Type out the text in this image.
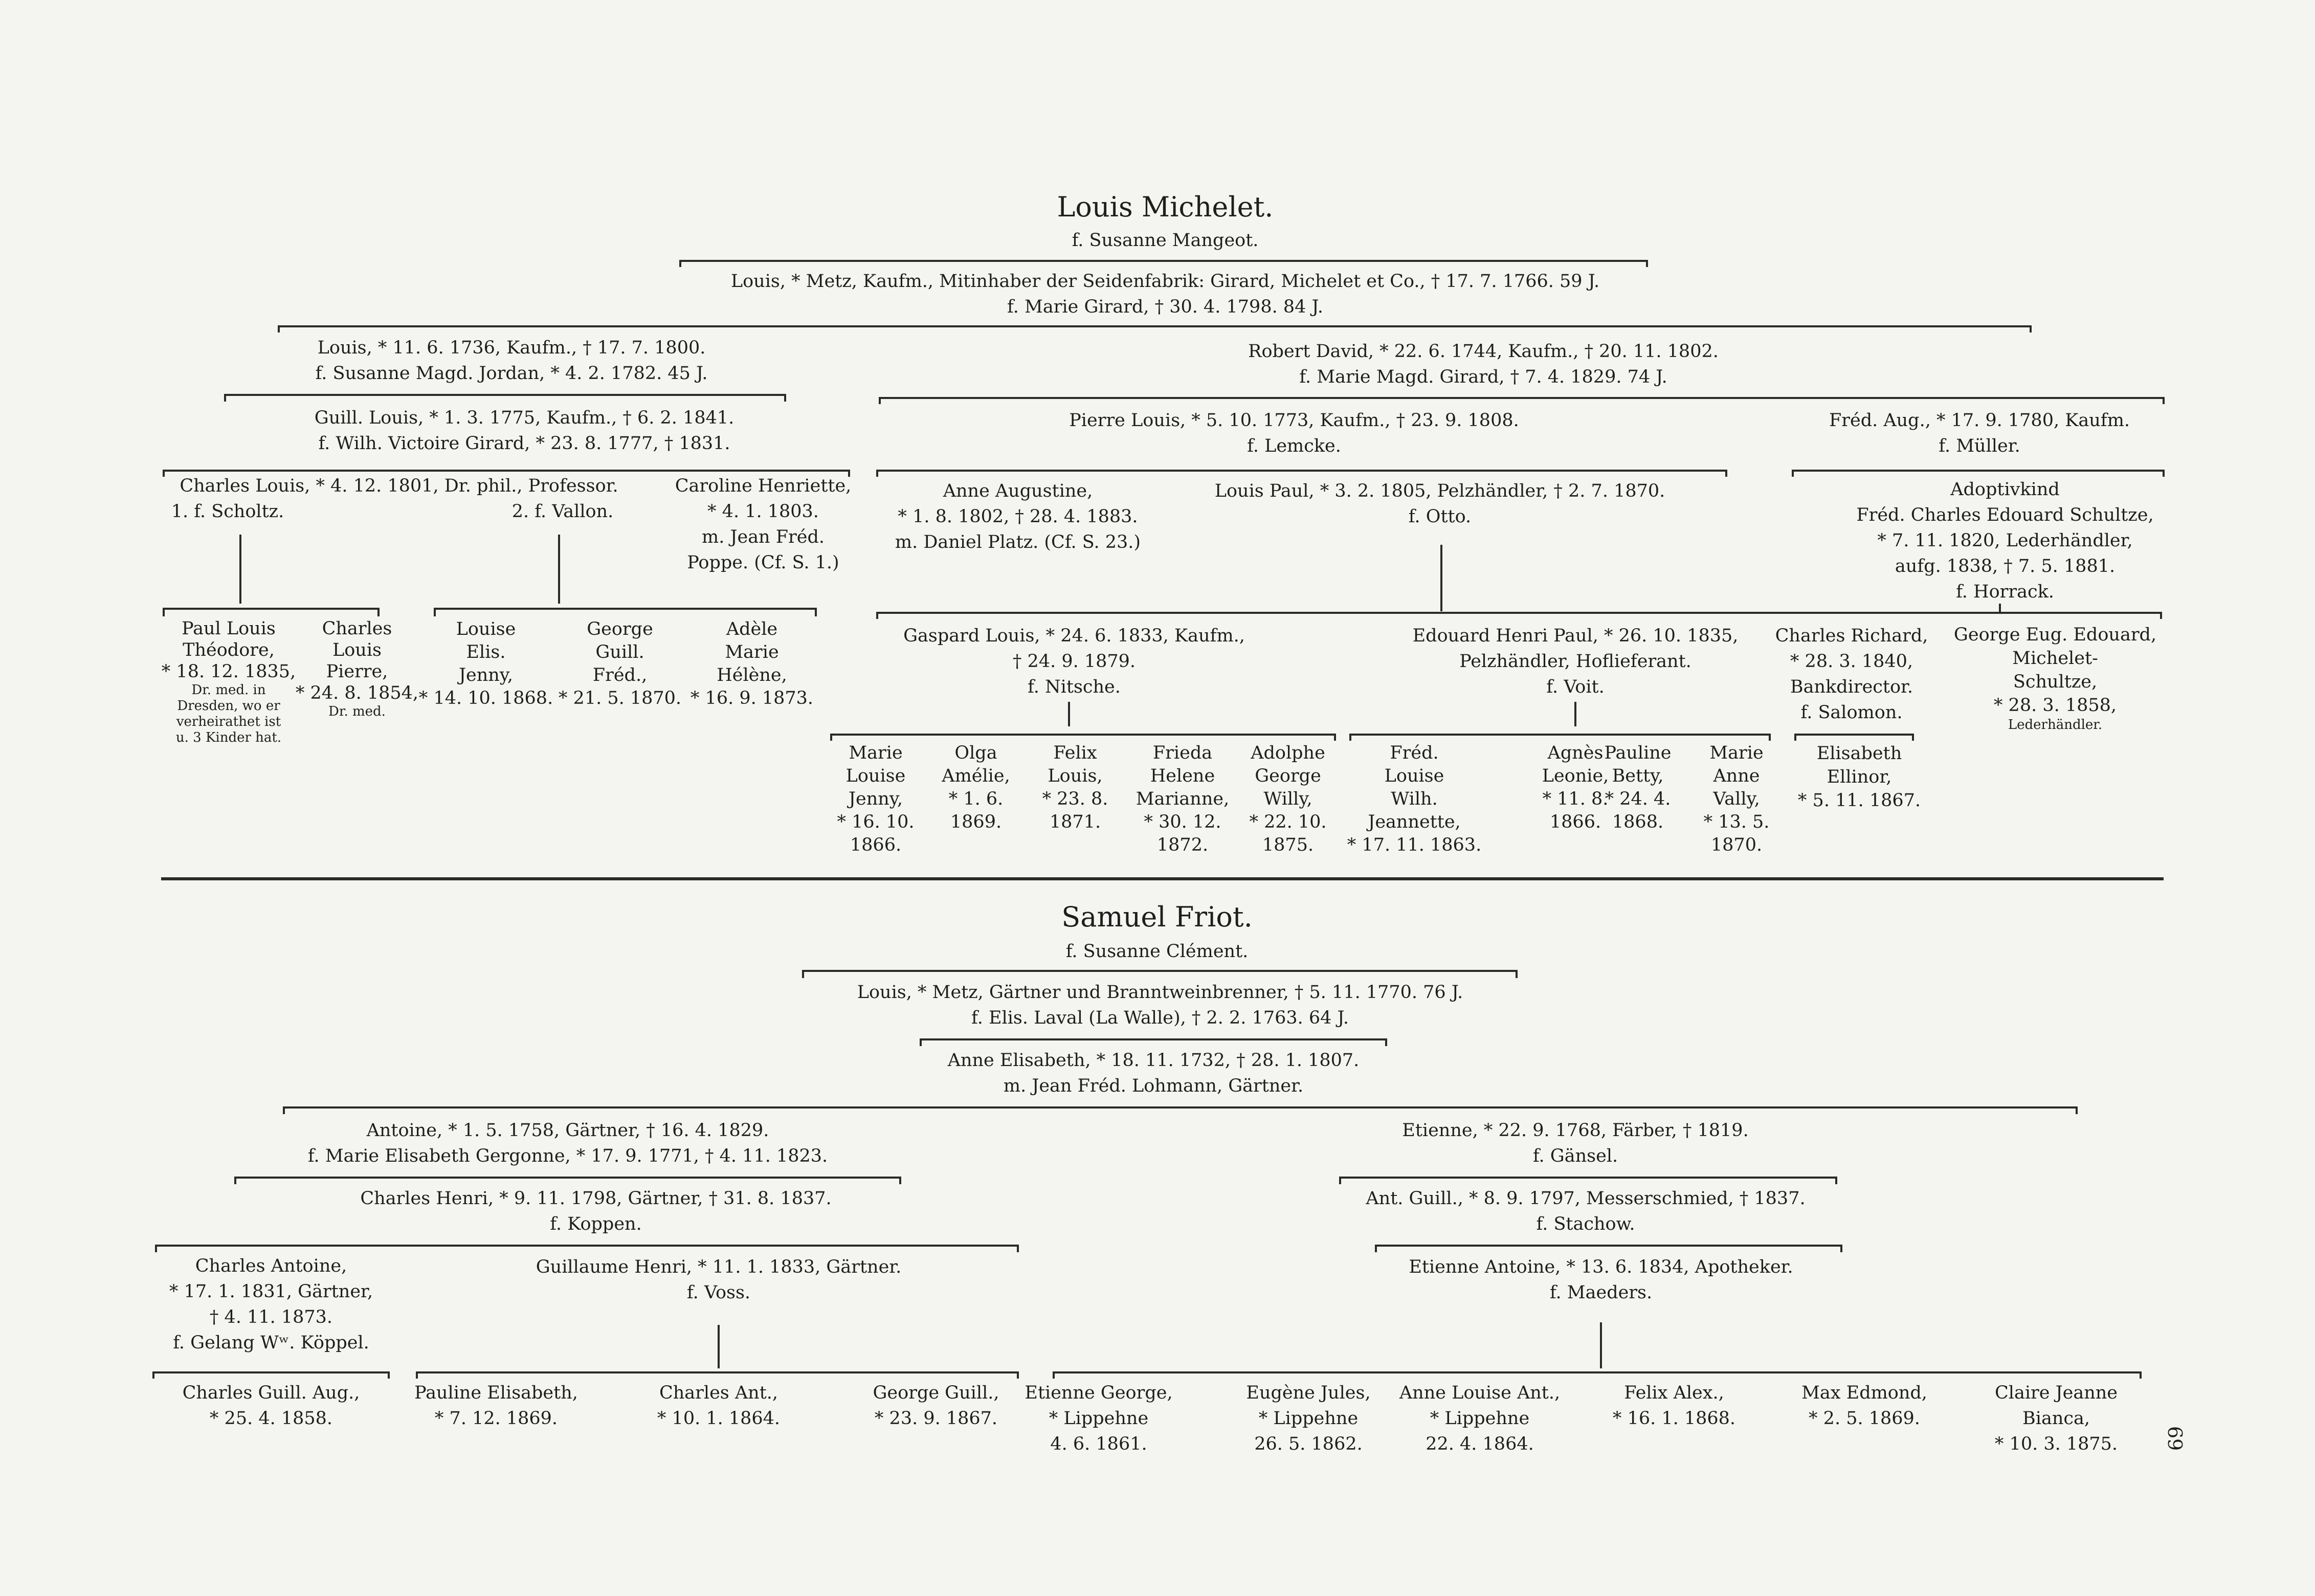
Louis Michelet.
f. Susanne Mangeot.
Louis, * Metz, Kaufm., Mitinhaber der Seidenfabrik: Girard, Michelet et Co., † 17. 7. 1766. 59 J.
f. Marie Girard, † 30. 4. 1798. 84 J.
Louis, * 11. 6. 1736, Kaufm., † 17. 7. 1800.
f. Susanne Magd. Jordan, * 4. 2. 1782. 45 J.
Robert David, * 22. 6. 1744, Kaufm., † 20. 11. 1802.
f. Marie Magd. Girard, † 7. 4. 1829. 74 J.
Guill. Louis, * 1. 3. 1775, Kaufm., † 6. 2. 1841.
f. Wilh. Victoire Girard, * 23. 8. 1777, † 1831.
Pierre Louis, * 5. 10. 1773, Kaufm., † 23. 9. 1808.
f. Lemcke.
Fréd. Aug., * 17. 9. 1780, Kaufm.
f. Müller.
Charles Louis, * 4. 12. 1801, Dr. phil., Professor.
1. f. Scholtz.	2. f. Vallon.
Caroline Henriette,
* 4. 1. 1803.
m. Jean Fréd.
Poppe. (Cf. S. 1.)
Anne Augustine,
* 1. 8. 1802, † 28. 4. 1883.
m. Daniel Platz. (Cf. S. 23.)
Louis Paul, * 3. 2. 1805, Pelzhändler, † 2. 7. 1870.
f. Otto.
Adoptivkind
Fréd. Charles Edouard Schultze,
* 7. 11. 1820, Lederhändler,
aufg. 1838, † 7. 5. 1881.
f. Horrack.
Paul Louis
Théodore,
* 18. 12. 1835,
Dr. med. in
Dresden, wo er
verheirathet ist
u. 3 Kinder hat.
Charles
Louis
Pierre,
* 24. 8. 1854,
Dr. med.
Louise
Elis.
Jenny,
* 14. 10. 1868.
George
Guill.
Fréd.,
* 21. 5. 1870.
Adèle
Marie
Hélène,
* 16. 9. 1873.
Gaspard Louis, * 24. 6. 1833, Kaufm.,
† 24. 9. 1879.
f. Nitsche.
Edouard Henri Paul, * 26. 10. 1835,
Pelzhändler, Hoflieferant.
f. Voit.
Charles Richard,
* 28. 3. 1840,
Bankdirector.
f. Salomon.
George Eug. Edouard,
Michelet-
Schultze,
* 28. 3. 1858,
Lederhändler.
Marie
Louise
Jenny,
* 16. 10.
1866.
Olga
Amélie,
* 1. 6.
1869.
Felix
Louis,
* 23. 8.
1871.
Frieda
Helene
Marianne,
* 30. 12.
1872.
Adolphe
George
Willy,
* 22. 10.
1875.
Fréd.
Louise
Wilh.
Jeannette,
* 17. 11. 1863.
Agnès
Leonie,
* 11. 8.
1866.
Pauline
Betty,
* 24. 4.
1868.
Marie
Anne
Vally,
* 13. 5.
1870.
Elisabeth
Ellinor,
* 5. 11. 1867.
Samuel Friot.
f. Susanne Clément.
Louis, * Metz, Gärtner und Branntweinbrenner, † 5. 11. 1770. 76 J.
f. Elis. Laval (La Walle), † 2. 2. 1763. 64 J.
Anne Elisabeth, * 18. 11. 1732, † 28. 1. 1807.
m. Jean Fréd. Lohmann, Gärtner.
Antoine, * 1. 5. 1758, Gärtner, † 16. 4. 1829.
f. Marie Elisabeth Gergonne, * 17. 9. 1771, † 4. 11. 1823.
Etienne, * 22. 9. 1768, Färber, † 1819.
f. Gänsel.
Charles Henri, * 9. 11. 1798, Gärtner, † 31. 8. 1837.
f. Koppen.
Ant. Guill., * 8. 9. 1797, Messerschmied, † 1837.
f. Stachow.
Charles Antoine,
* 17. 1. 1831, Gärtner,
† 4. 11. 1873.
f. Gelang Wʷ. Köppel.
Guillaume Henri, * 11. 1. 1833, Gärtner.
f. Voss.
Etienne Antoine, * 13. 6. 1834, Apotheker.
f. Maeders.
Charles Guill. Aug.,
* 25. 4. 1858.
Pauline Elisabeth,
* 7. 12. 1869.
Charles Ant.,
* 10. 1. 1864.
George Guill.,
* 23. 9. 1867.
Etienne George,
* Lippehne
4. 6. 1861.
Eugène Jules,
* Lippehne
26. 5. 1862.
Anne Louise Ant.,
* Lippehne
22. 4. 1864.
Felix Alex.,
* 16. 1. 1868.
Max Edmond,
* 2. 5. 1869.
Claire Jeanne
Bianca,
* 10. 3. 1875. 69
